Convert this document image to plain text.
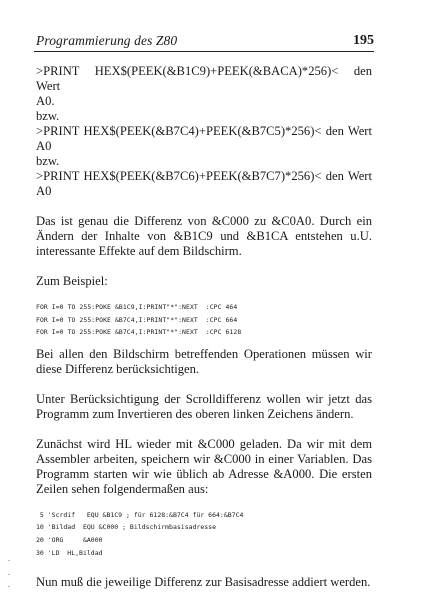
Programmierung des Z80	195

>PRINT HEX$(PEEK(&B1C9)+PEEK(&BACA)*256)< den Wert

A0.

bzw.

>PRINT HEX$(PEEK(&B7C4)+PEEK(&B7C5)*256)< den Wert

A0

bzw.

>PRINT HEX$(PEEK(&B7C6)+PEEK(&B7C7)*256)< den Wert

A0

Das ist genau die Differenz von &C000 zu &C0A0. Durch ein Ändern der Inhalte von &B1C9 und &B1CA entstehen u.U. interessante Effekte auf dem Bildschirm.

Zum Beispiel:

FOR I=0 TO 255:POKE &B1C9,I:PRINT"*":NEXT  :CPC 464

FOR I=0 TO 255:POKE &B7C4,I:PRINT"*":NEXT  :CPC 664

FOR I=0 TO 255:POKE &B7C4,I:PRINT"*":NEXT  :CPC 6128

Bei allen den Bildschirm betreffenden Operationen müssen wir diese Differenz berücksichtigen.

Unter Berücksichtigung der Scrolldifferenz wollen wir jetzt das Programm zum Invertieren des oberen linken Zeichens ändern.

Zunächst wird HL wieder mit &C000 geladen. Da wir mit dem Assembler arbeiten, speichern wir &C000 in einer Variablen. Das Programm starten wir wie üblich ab Adresse &A000. Die ersten Zeilen sehen folgendermaßen aus:

5 'Scrdif   EQU &B1C9 ; für 6128:&B7C4 für 664:&B7C4

10 'Bildad  EQU &C000 ; Bildschirmbasisadresse

20 'ORG     &A000

30 'LD  HL,Bildad

Nun muß die jeweilige Differenz zur Basisadresse addiert werden.
